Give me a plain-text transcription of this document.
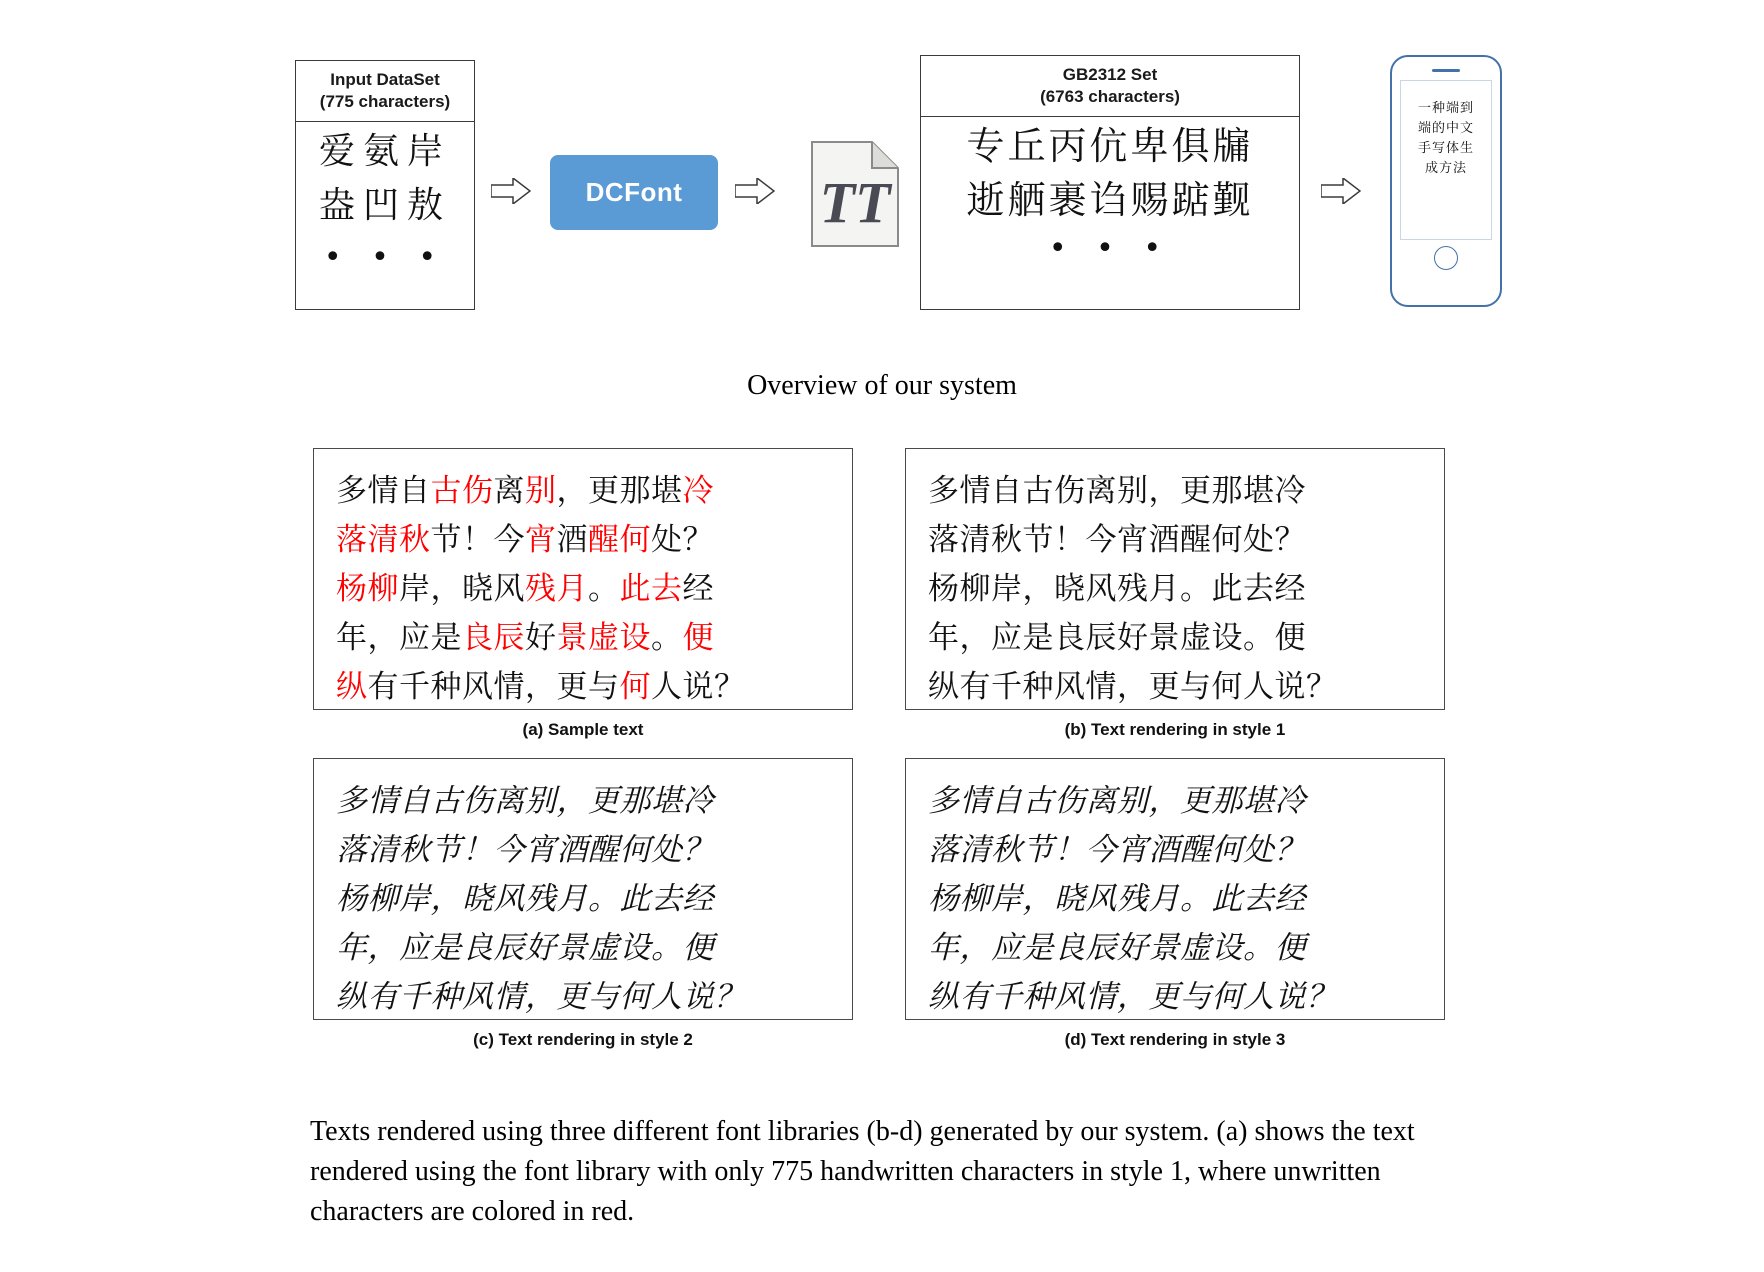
Input DataSet
(775 characters)
爱氨岸
盎凹敖
• • •
DCFont	TT
GB2312 Set
(6763 characters)
专丘丙伉卑俱牖
逝舾裹诌赐踮觐
• • •
一种端到
端的中文
手写体生
成方法
Overview of our system
多情自古伤离别，更那堪冷
落清秋节！今宵酒醒何处？
杨柳岸，晓风残月。此去经
年，应是良辰好景虚设。便
纵有千种风情，更与何人说？
(a) Sample text
多情自古伤离别，更那堪冷
落清秋节！今宵酒醒何处？
杨柳岸，晓风残月。此去经
年，应是良辰好景虚设。便
纵有千种风情，更与何人说？
(b) Text rendering in style 1
多情自古伤离别，更那堪冷
落清秋节！今宵酒醒何处？
杨柳岸，晓风残月。此去经
年，应是良辰好景虚设。便
纵有千种风情，更与何人说？
(c) Text rendering in style 2
多情自古伤离别，更那堪冷
落清秋节！今宵酒醒何处？
杨柳岸，晓风残月。此去经
年，应是良辰好景虚设。便
纵有千种风情，更与何人说？
(d) Text rendering in style 3
Texts rendered using three different font libraries (b-d) generated by our system. (a) shows the text rendered using the font library with only 775 handwritten characters in style 1, where unwritten characters are colored in red.
